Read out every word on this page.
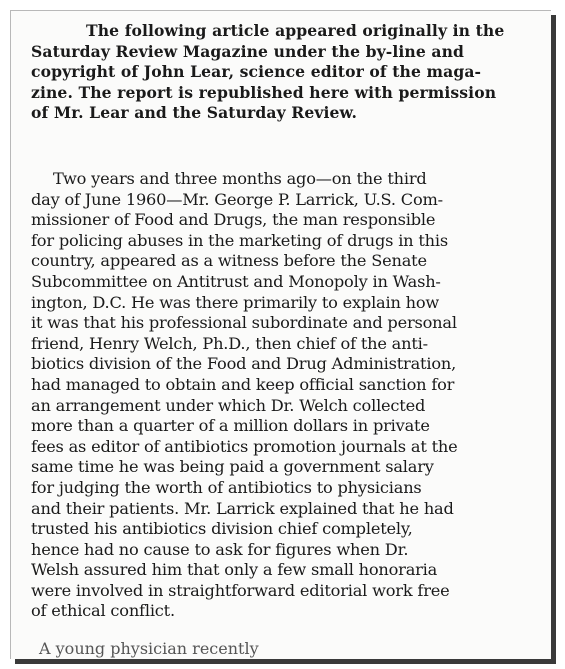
The following article appeared originally in the
Saturday Review Magazine under the by-line and
copyright of John Lear, science editor of the maga-
zine. The report is republished here with permission
of Mr. Lear and the Saturday Review.
Two years and three months ago—on the third
day of June 1960—Mr. George P. Larrick, U.S. Com-
missioner of Food and Drugs, the man responsible
for policing abuses in the marketing of drugs in this
country, appeared as a witness before the Senate
Subcommittee on Antitrust and Monopoly in Wash-
ington, D.C. He was there primarily to explain how
it was that his professional subordinate and personal
friend, Henry Welch, Ph.D., then chief of the anti-
biotics division of the Food and Drug Administration,
had managed to obtain and keep official sanction for
an arrangement under which Dr. Welch collected
more than a quarter of a million dollars in private
fees as editor of antibiotics promotion journals at the
same time he was being paid a government salary
for judging the worth of antibiotics to physicians
and their patients. Mr. Larrick explained that he had
trusted his antibiotics division chief completely,
hence had no cause to ask for figures when Dr.
Welsh assured him that only a few small honoraria
were involved in straightforward editorial work free
of ethical conflict.
A young physician recently
